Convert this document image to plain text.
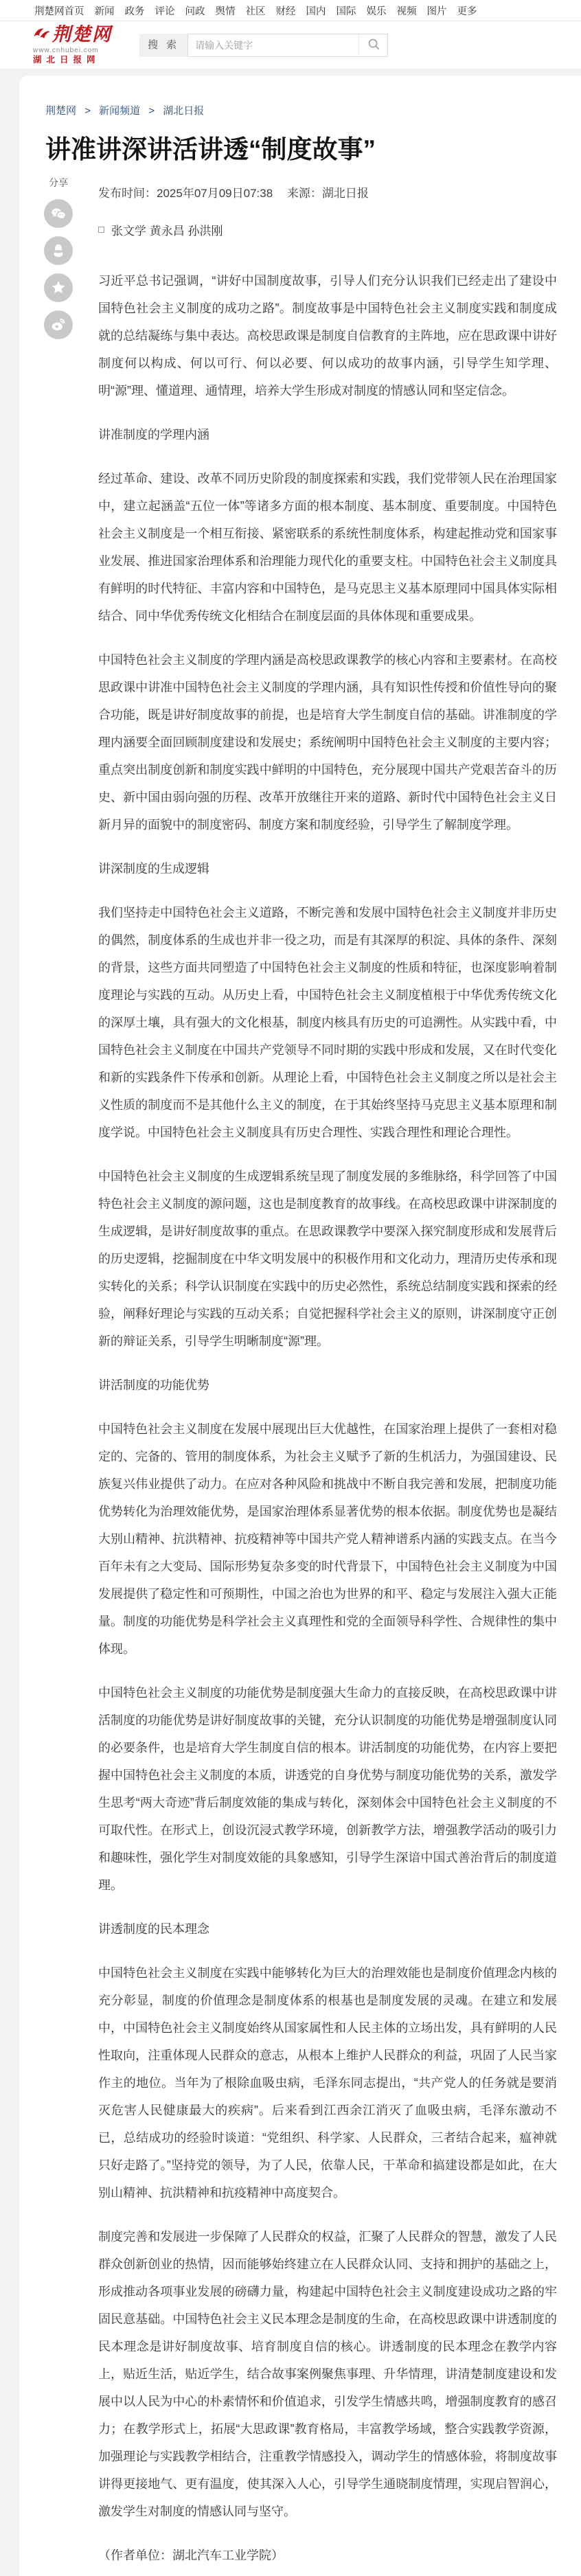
荆楚网首页 新闻 政务 评论 问政 舆情 社区 财经 国内 国际 娱乐 视频 图片 更多
荆楚网
www.cnhubei.com
湖北日报网
搜 索
请输入关键字
荆楚网 > 新闻频道 > 湖北日报
讲准讲深讲活讲透“制度故事”
发布时间：2025年07月09日07:38 来源：湖北日报
分享
张文学 黄永昌 孙洪刚

习近平总书记强调，“讲好中国制度故事，引导人们充分认识我们已经走出了建设中国特色社会主义制度的成功之路”。制度故事是中国特色社会主义制度实践和制度成就的总结凝练与集中表达。高校思政课是制度自信教育的主阵地，应在思政课中讲好制度何以构成、何以可行、何以必要、何以成功的故事内涵，引导学生知学理、明“源”理、懂道理、通情理，培养大学生形成对制度的情感认同和坚定信念。

讲准制度的学理内涵

经过革命、建设、改革不同历史阶段的制度探索和实践，我们党带领人民在治理国家中，建立起涵盖“五位一体”等诸多方面的根本制度、基本制度、重要制度。中国特色社会主义制度是一个相互衔接、紧密联系的系统性制度体系，构建起推动党和国家事业发展、推进国家治理体系和治理能力现代化的重要支柱。中国特色社会主义制度具有鲜明的时代特征、丰富内容和中国特色，是马克思主义基本原理同中国具体实际相结合、同中华优秀传统文化相结合在制度层面的具体体现和重要成果。

中国特色社会主义制度的学理内涵是高校思政课教学的核心内容和主要素材。在高校思政课中讲准中国特色社会主义制度的学理内涵，具有知识性传授和价值性导向的聚合功能，既是讲好制度故事的前提，也是培育大学生制度自信的基础。讲准制度的学理内涵要全面回顾制度建设和发展史；系统阐明中国特色社会主义制度的主要内容；重点突出制度创新和制度实践中鲜明的中国特色，充分展现中国共产党艰苦奋斗的历史、新中国由弱向强的历程、改革开放继往开来的道路、新时代中国特色社会主义日新月异的面貌中的制度密码、制度方案和制度经验，引导学生了解制度学理。

讲深制度的生成逻辑

我们坚持走中国特色社会主义道路，不断完善和发展中国特色社会主义制度并非历史的偶然，制度体系的生成也并非一役之功，而是有其深厚的积淀、具体的条件、深刻的背景，这些方面共同塑造了中国特色社会主义制度的性质和特征，也深度影响着制度理论与实践的互动。从历史上看，中国特色社会主义制度植根于中华优秀传统文化的深厚土壤，具有强大的文化根基，制度内核具有历史的可追溯性。从实践中看，中国特色社会主义制度在中国共产党领导不同时期的实践中形成和发展，又在时代变化和新的实践条件下传承和创新。从理论上看，中国特色社会主义制度之所以是社会主义性质的制度而不是其他什么主义的制度，在于其始终坚持马克思主义基本原理和制度学说。中国特色社会主义制度具有历史合理性、实践合理性和理论合理性。

中国特色社会主义制度的生成逻辑系统呈现了制度发展的多维脉络，科学回答了中国特色社会主义制度的源问题，这也是制度教育的故事线。在高校思政课中讲深制度的生成逻辑，是讲好制度故事的重点。在思政课教学中要深入探究制度形成和发展背后的历史逻辑，挖掘制度在中华文明发展中的积极作用和文化动力，理清历史传承和现实转化的关系；科学认识制度在实践中的历史必然性，系统总结制度实践和探索的经验，阐释好理论与实践的互动关系；自觉把握科学社会主义的原则，讲深制度守正创新的辩证关系，引导学生明晰制度“源”理。

讲活制度的功能优势

中国特色社会主义制度在发展中展现出巨大优越性，在国家治理上提供了一套相对稳定的、完备的、管用的制度体系，为社会主义赋予了新的生机活力，为强国建设、民族复兴伟业提供了动力。在应对各种风险和挑战中不断自我完善和发展，把制度功能优势转化为治理效能优势，是国家治理体系显著优势的根本依据。制度优势也是凝结大别山精神、抗洪精神、抗疫精神等中国共产党人精神谱系内涵的实践支点。在当今百年未有之大变局、国际形势复杂多变的时代背景下，中国特色社会主义制度为中国发展提供了稳定性和可预期性，中国之治也为世界的和平、稳定与发展注入强大正能量。制度的功能优势是科学社会主义真理性和党的全面领导科学性、合规律性的集中体现。

中国特色社会主义制度的功能优势是制度强大生命力的直接反映，在高校思政课中讲活制度的功能优势是讲好制度故事的关键，充分认识制度的功能优势是增强制度认同的必要条件，也是培育大学生制度自信的根本。讲活制度的功能优势，在内容上要把握中国特色社会主义制度的本质，讲透党的自身优势与制度功能优势的关系，激发学生思考“两大奇迹”背后制度效能的集成与转化，深刻体会中国特色社会主义制度的不可取代性。在形式上，创设沉浸式教学环境，创新教学方法，增强教学活动的吸引力和趣味性，强化学生对制度效能的具象感知，引导学生深谙中国式善治背后的制度道理。

讲透制度的民本理念

中国特色社会主义制度在实践中能够转化为巨大的治理效能也是制度价值理念内核的充分彰显，制度的价值理念是制度体系的根基也是制度发展的灵魂。在建立和发展中，中国特色社会主义制度始终从国家属性和人民主体的立场出发，具有鲜明的人民性取向，注重体现人民群众的意志，从根本上维护人民群众的利益，巩固了人民当家作主的地位。当年为了根除血吸虫病，毛泽东同志提出，“共产党人的任务就是要消灭危害人民健康最大的疾病”。后来看到江西余江消灭了血吸虫病，毛泽东激动不已，总结成功的经验时谈道：“党组织、科学家、人民群众，三者结合起来，瘟神就只好走路了。”坚持党的领导，为了人民，依靠人民，干革命和搞建设都是如此，在大别山精神、抗洪精神和抗疫精神中高度契合。

制度完善和发展进一步保障了人民群众的权益，汇聚了人民群众的智慧，激发了人民群众创新创业的热情，因而能够始终建立在人民群众认同、支持和拥护的基础之上，形成推动各项事业发展的磅礴力量，构建起中国特色社会主义制度建设成功之路的牢固民意基础。中国特色社会主义民本理念是制度的生命，在高校思政课中讲透制度的民本理念是讲好制度故事、培育制度自信的核心。讲透制度的民本理念在教学内容上，贴近生活，贴近学生，结合故事案例聚焦事理、升华情理，讲清楚制度建设和发展中以人民为中心的朴素情怀和价值追求，引发学生情感共鸣，增强制度教育的感召力；在教学形式上，拓展“大思政课”教育格局，丰富教学场域，整合实践教学资源，加强理论与实践教学相结合，注重教学情感投入，调动学生的情感体验，将制度故事讲得更接地气、更有温度，使其深入人心，引导学生通晓制度情理，实现启智润心，激发学生对制度的情感认同与坚守。

（作者单位：湖北汽车工业学院）
